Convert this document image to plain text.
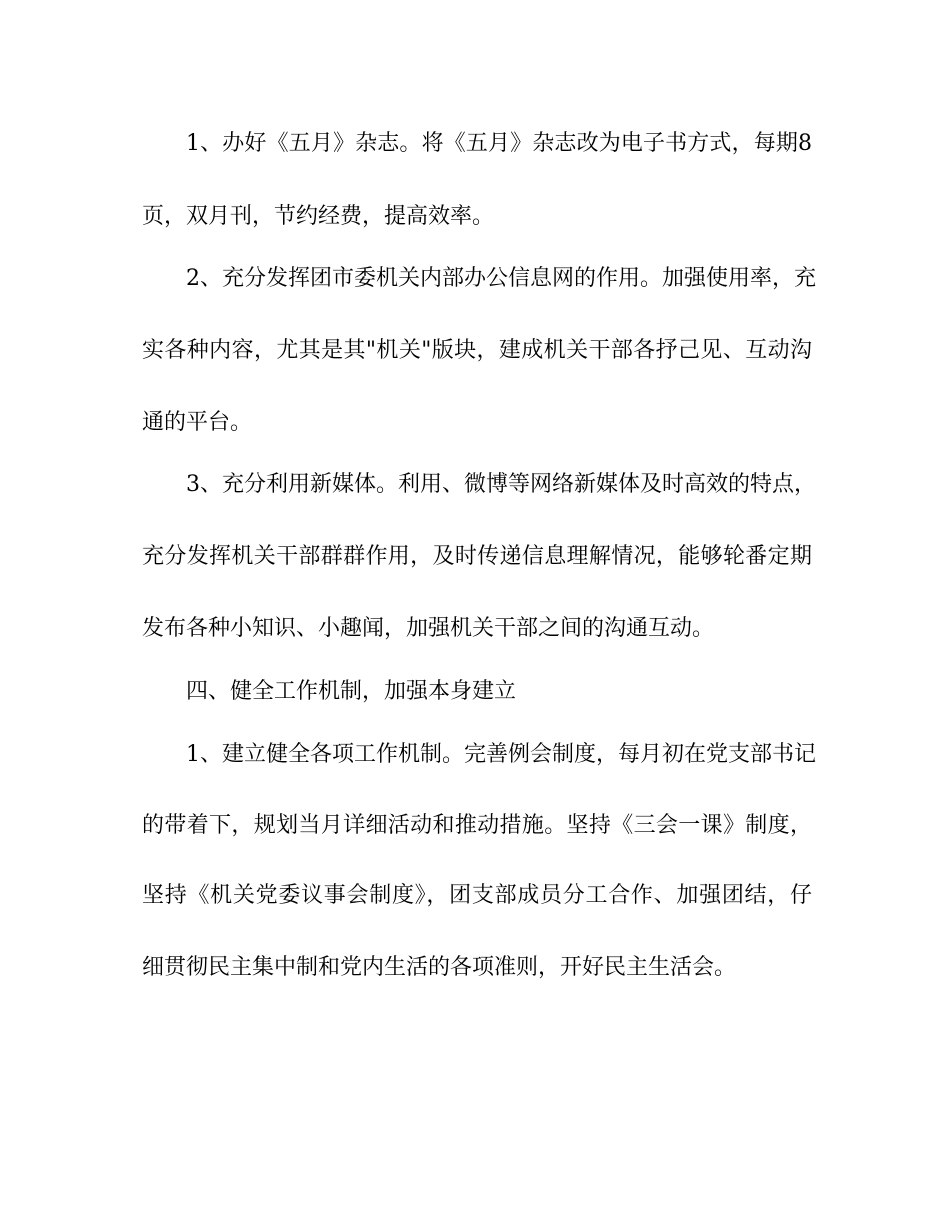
1、办好《五月》杂志。将《五月》杂志改为电子书方式，每期8
页，双月刊，节约经费，提高效率。
2、充分发挥团市委机关内部办公信息网的作用。加强使用率，充
实各种内容，尤其是其"机关"版块，建成机关干部各抒己见、互动沟
通的平台。
3、充分利用新媒体。利用、微博等网络新媒体及时高效的特点，
充分发挥机关干部群群作用，及时传递信息理解情况，能够轮番定期
发布各种小知识、小趣闻，加强机关干部之间的沟通互动。
四、健全工作机制，加强本身建立
1、建立健全各项工作机制。完善例会制度，每月初在党支部书记
的带着下，规划当月详细活动和推动措施。坚持《三会一课》制度，
坚持《机关党委议事会制度》，团支部成员分工合作、加强团结，仔
细贯彻民主集中制和党内生活的各项准则，开好民主生活会。
